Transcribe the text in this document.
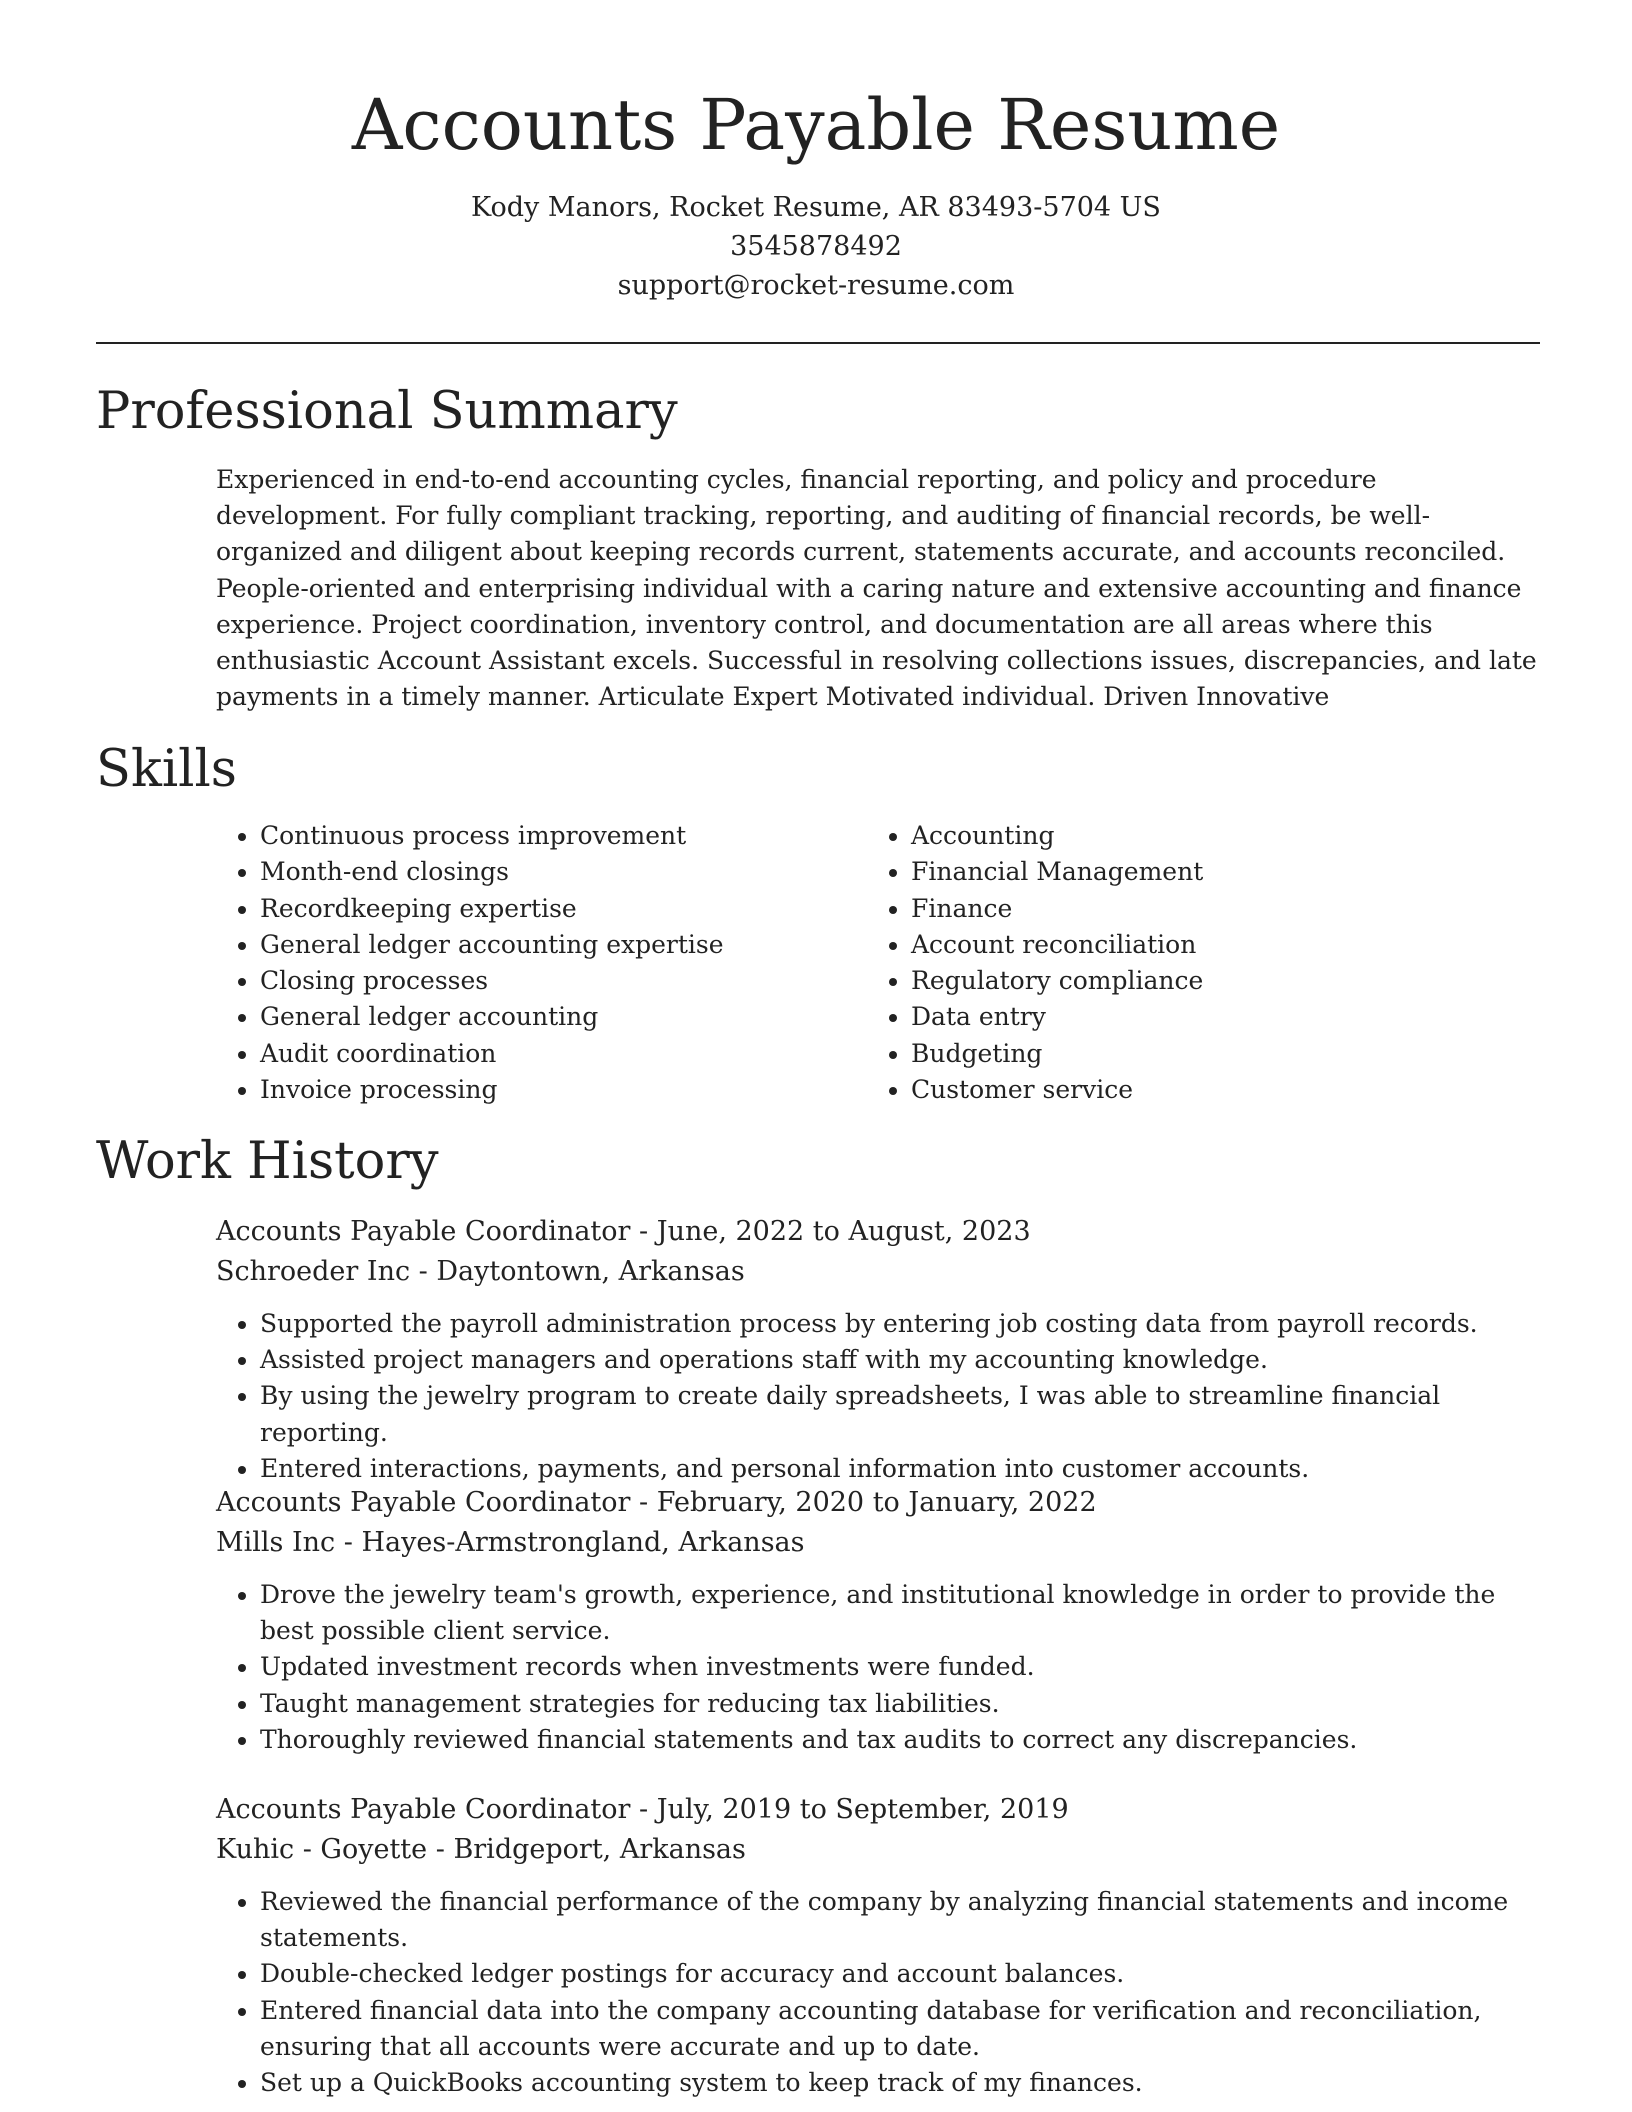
Accounts Payable Resume
Kody Manors, Rocket Resume, AR 83493-5704 US
3545878492
support@rocket-resume.com
Professional Summary
Experienced in end-to-end accounting cycles, financial reporting, and policy and procedure development. For fully compliant tracking, reporting, and auditing of financial records, be well-organized and diligent about keeping records current, statements accurate, and accounts reconciled. People-oriented and enterprising individual with a caring nature and extensive accounting and finance experience. Project coordination, inventory control, and documentation are all areas where this enthusiastic Account Assistant excels. Successful in resolving collections issues, discrepancies, and late payments in a timely manner. Articulate Expert Motivated individual. Driven Innovative
Skills
• Continuous process improvement
• Month-end closings
• Recordkeeping expertise
• General ledger accounting expertise
• Closing processes
• General ledger accounting
• Audit coordination
• Invoice processing
• Accounting
• Financial Management
• Finance
• Account reconciliation
• Regulatory compliance
• Data entry
• Budgeting
• Customer service
Work History
Accounts Payable Coordinator - June, 2022 to August, 2023
Schroeder Inc - Daytontown, Arkansas
• Supported the payroll administration process by entering job costing data from payroll records.
• Assisted project managers and operations staff with my accounting knowledge.
• By using the jewelry program to create daily spreadsheets, I was able to streamline financial reporting.
• Entered interactions, payments, and personal information into customer accounts.
Accounts Payable Coordinator - February, 2020 to January, 2022
Mills Inc - Hayes-Armstrongland, Arkansas
• Drove the jewelry team's growth, experience, and institutional knowledge in order to provide the best possible client service.
• Updated investment records when investments were funded.
• Taught management strategies for reducing tax liabilities.
• Thoroughly reviewed financial statements and tax audits to correct any discrepancies.
Accounts Payable Coordinator - July, 2019 to September, 2019
Kuhic - Goyette - Bridgeport, Arkansas
• Reviewed the financial performance of the company by analyzing financial statements and income statements.
• Double-checked ledger postings for accuracy and account balances.
• Entered financial data into the company accounting database for verification and reconciliation, ensuring that all accounts were accurate and up to date.
• Set up a QuickBooks accounting system to keep track of my finances.
